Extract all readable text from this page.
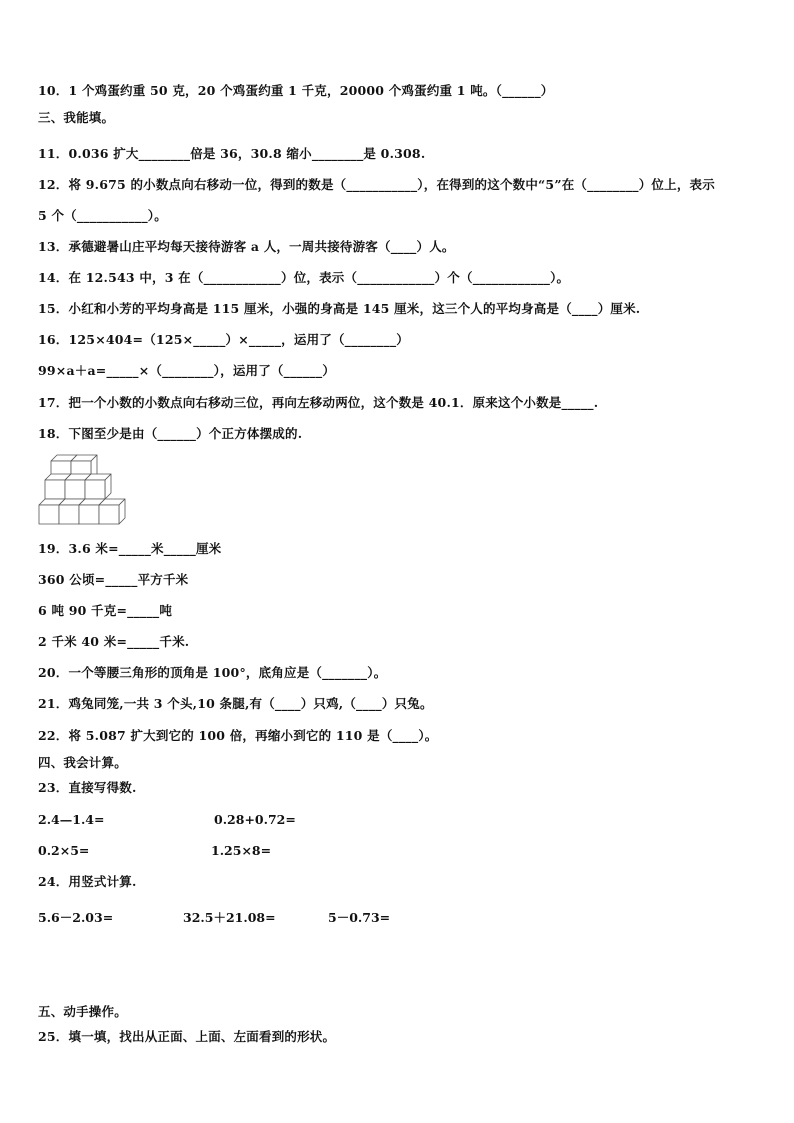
10．1 个鸡蛋约重 50 克，20 个鸡蛋约重 1 千克，20000 个鸡蛋约重 1 吨。（______）
三、我能填。
11．0.036 扩大________倍是 36，30.8 缩小________是 0.308.
12．将 9.675 的小数点向右移动一位，得到的数是（___________），在得到的这个数中“5”在（________）位上，表示
5 个（___________）。
13．承德避暑山庄平均每天接待游客 a 人，一周共接待游客（____）人。
14．在 12.543 中，3 在（____________）位，表示（____________）个（____________）。
15．小红和小芳的平均身高是 115 厘米，小强的身高是 145 厘米，这三个人的平均身高是（____）厘米.
16．125×404=（125×_____）×_____，运用了（________）
99×a＋a=_____×（________），运用了（______）
17．把一个小数的小数点向右移动三位，再向左移动两位，这个数是 40.1．原来这个小数是_____.
18．下图至少是由（______）个正方体摆成的.
19．3.6 米=_____米_____厘米
360 公顷=_____平方千米
6 吨 90 千克=_____吨
2 千米 40 米=_____千米.
20．一个等腰三角形的顶角是 100°，底角应是（_______）。
21．鸡兔同笼,一共 3 个头,10 条腿,有（____）只鸡,（____）只兔。
22．将 5.087 扩大到它的 100 倍，再缩小到它的 110 是（____）。
四、我会计算。
23．直接写得数.
2.4—1.4=	0.28+0.72=
0.2×5=	1.25×8=
24．用竖式计算.
5.6－2.03=	32.5＋21.08=	5－0.73=
五、动手操作。
25．填一填，找出从正面、上面、左面看到的形状。
